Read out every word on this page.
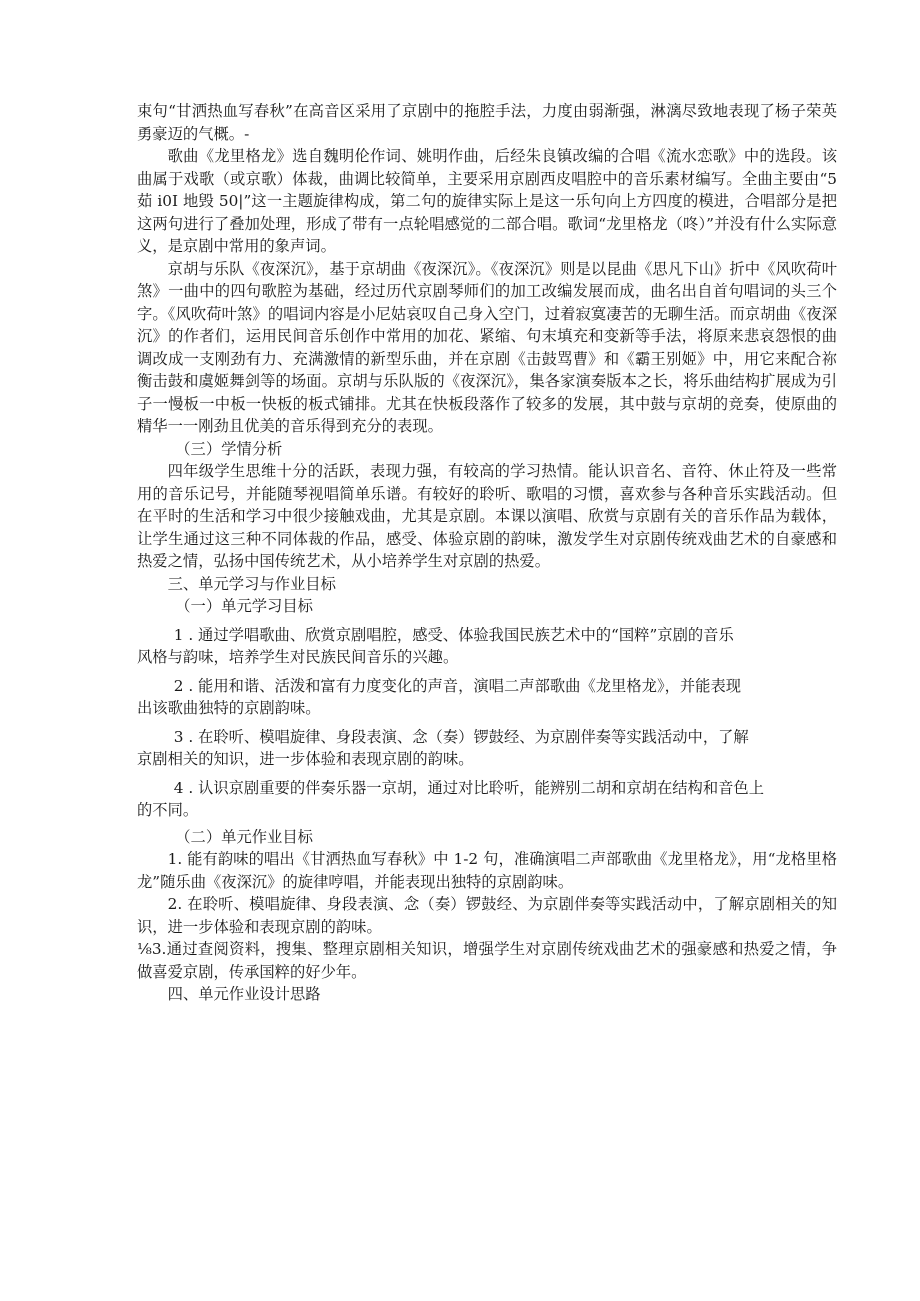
束句“甘洒热血写春秋”在高音区采用了京剧中的拖腔手法，力度由弱渐强，淋漓尽致地表现了杨子荣英勇豪迈的气概。-

歌曲《龙里格龙》选自魏明伦作词、姚明作曲，后经朱良镇改编的合唱《流水恋歌》中的选段。该曲属于戏歌（或京歌）体裁，曲调比较简单，主要采用京剧西皮唱腔中的音乐素材编写。全曲主要由“5 茹 i0I 地毁 50|”这一主题旋律构成，第二句的旋律实际上是这一乐句向上方四度的模进，合唱部分是把这两句进行了叠加处理，形成了带有一点轮唱感觉的二部合唱。歌词“龙里格龙（咚）”并没有什么实际意义，是京剧中常用的象声词。

京胡与乐队《夜深沉》，基于京胡曲《夜深沉》。《夜深沉》则是以昆曲《思凡下山》折中《风吹荷叶煞》一曲中的四句歌腔为基础，经过历代京剧琴师们的加工改编发展而成，曲名出自首句唱词的头三个字。《风吹荷叶煞》的唱词内容是小尼姑哀叹自己身入空门，过着寂寞凄苦的无聊生活。而京胡曲《夜深沉》的作者们，运用民间音乐创作中常用的加花、紧缩、句末填充和变新等手法，将原来悲哀怨恨的曲调改成一支刚劲有力、充满激情的新型乐曲，并在京剧《击鼓骂曹》和《霸王别姬》中，用它来配合祢衡击鼓和虞姬舞剑等的场面。京胡与乐队版的《夜深沉》，集各家演奏版本之长，将乐曲结构扩展成为引子一慢板一中板一快板的板式铺排。尤其在快板段落作了较多的发展，其中鼓与京胡的竞奏，使原曲的精华一一刚劲且优美的音乐得到充分的表现。

（三）学情分析

四年级学生思维十分的活跃，表现力强，有较高的学习热情。能认识音名、音符、休止符及一些常用的音乐记号，并能随琴视唱简单乐谱。有较好的聆听、歌唱的习惯，喜欢参与各种音乐实践活动。但在平时的生活和学习中很少接触戏曲，尤其是京剧。本课以演唱、欣赏与京剧有关的音乐作品为载体，让学生通过这三种不同体裁的作品，感受、体验京剧的韵味，激发学生对京剧传统戏曲艺术的自豪感和热爱之情，弘扬中国传统艺术，从小培养学生对京剧的热爱。

三、单元学习与作业目标

（一）单元学习目标

1 . 通过学唱歌曲、欣赏京剧唱腔，感受、体验我国民族艺术中的“国粹”京剧的音乐
风格与韵味，培养学生对民族民间音乐的兴趣。

2 . 能用和谐、活泼和富有力度变化的声音，演唱二声部歌曲《龙里格龙》，并能表现
出该歌曲独特的京剧韵味。

3 . 在聆听、模唱旋律、身段表演、念（奏）锣鼓经、为京剧伴奏等实践活动中，了解
京剧相关的知识，进一步体验和表现京剧的韵味。

4 . 认识京剧重要的伴奏乐器一京胡，通过对比聆听，能辨别二胡和京胡在结构和音色上
的不同。

（二）单元作业目标

1. 能有韵味的唱出《甘洒热血写春秋》中 1-2 句，准确演唱二声部歌曲《龙里格龙》，用“龙格里格龙”随乐曲《夜深沉》的旋律哼唱，并能表现出独特的京剧韵味。

2. 在聆听、模唱旋律、身段表演、念（奏）锣鼓经、为京剧伴奏等实践活动中，了解京剧相关的知识，进一步体验和表现京剧的韵味。

⅛3.通过查阅资料，搜集、整理京剧相关知识，增强学生对京剧传统戏曲艺术的强豪感和热爱之情，争做喜爱京剧，传承国粹的好少年。

四、单元作业设计思路
